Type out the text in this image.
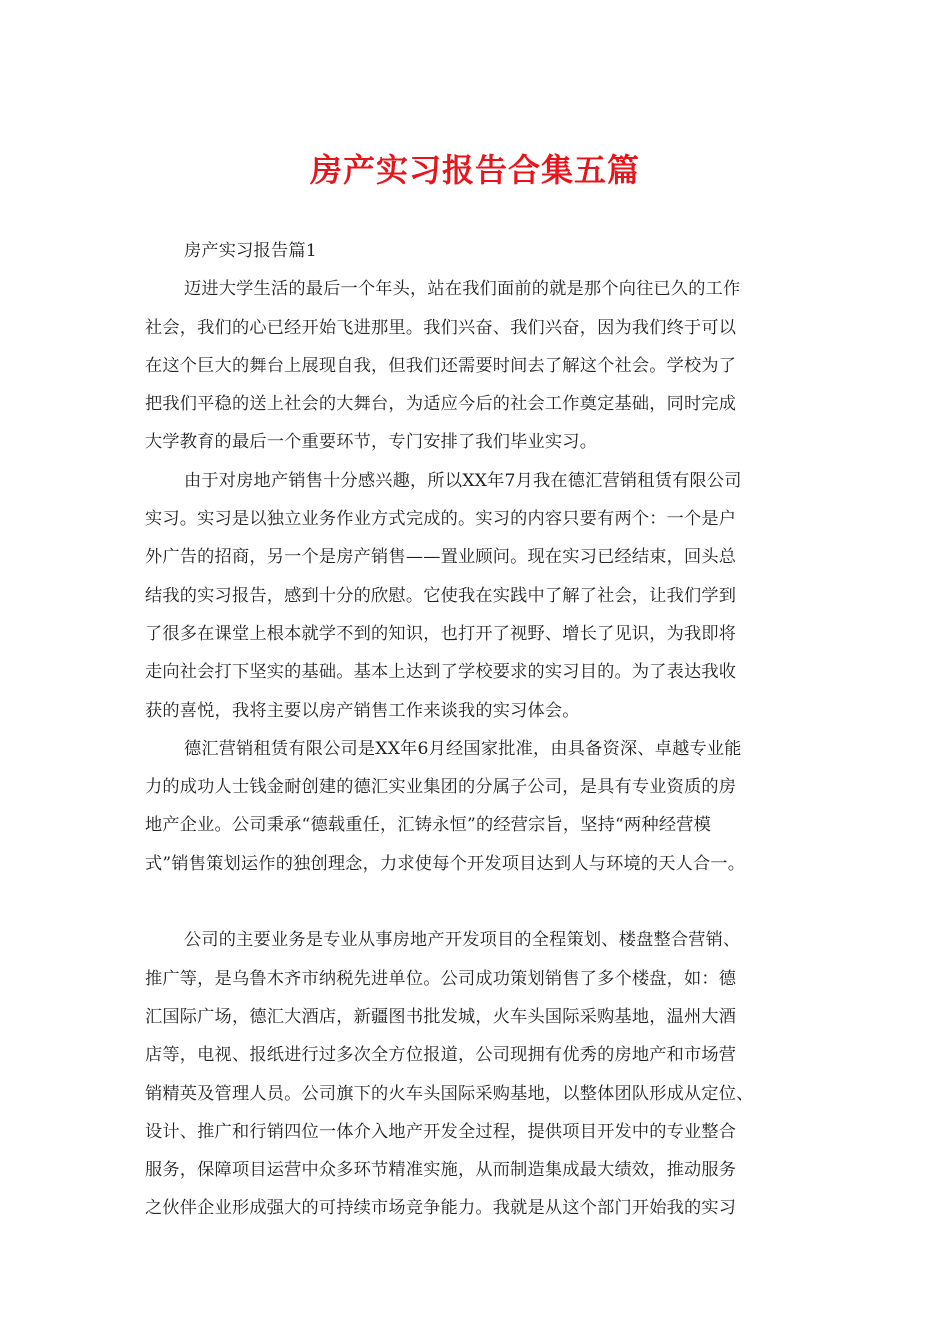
房产实习报告合集五篇
房产实习报告篇1
迈进大学生活的最后一个年头，站在我们面前的就是那个向往已久的工作
社会，我们的心已经开始飞进那里。我们兴奋、我们兴奋，因为我们终于可以
在这个巨大的舞台上展现自我，但我们还需要时间去了解这个社会。学校为了
把我们平稳的送上社会的大舞台，为适应今后的社会工作奠定基础，同时完成
大学教育的最后一个重要环节，专门安排了我们毕业实习。
由于对房地产销售十分感兴趣，所以XX年7月我在德汇营销租赁有限公司
实习。实习是以独立业务作业方式完成的。实习的内容只要有两个：一个是户
外广告的招商，另一个是房产销售——置业顾问。现在实习已经结束，回头总
结我的实习报告，感到十分的欣慰。它使我在实践中了解了社会，让我们学到
了很多在课堂上根本就学不到的知识，也打开了视野、增长了见识，为我即将
走向社会打下坚实的基础。基本上达到了学校要求的实习目的。为了表达我收
获的喜悦，我将主要以房产销售工作来谈我的实习体会。
德汇营销租赁有限公司是XX年6月经国家批准，由具备资深、卓越专业能
力的成功人士钱金耐创建的德汇实业集团的分属子公司，是具有专业资质的房
地产企业。公司秉承“德载重任，汇铸永恒”的经营宗旨，坚持“两种经营模
式”销售策划运作的独创理念，力求使每个开发项目达到人与环境的天人合一。
公司的主要业务是专业从事房地产开发项目的全程策划、楼盘整合营销、
推广等，是乌鲁木齐市纳税先进单位。公司成功策划销售了多个楼盘，如：德
汇国际广场，德汇大酒店，新疆图书批发城，火车头国际采购基地，温州大酒
店等，电视、报纸进行过多次全方位报道，公司现拥有优秀的房地产和市场营
销精英及管理人员。公司旗下的火车头国际采购基地，以整体团队形成从定位、
设计、推广和行销四位一体介入地产开发全过程，提供项目开发中的专业整合
服务，保障项目运营中众多环节精准实施，从而制造集成最大绩效，推动服务
之伙伴企业形成强大的可持续市场竞争能力。我就是从这个部门开始我的实习
